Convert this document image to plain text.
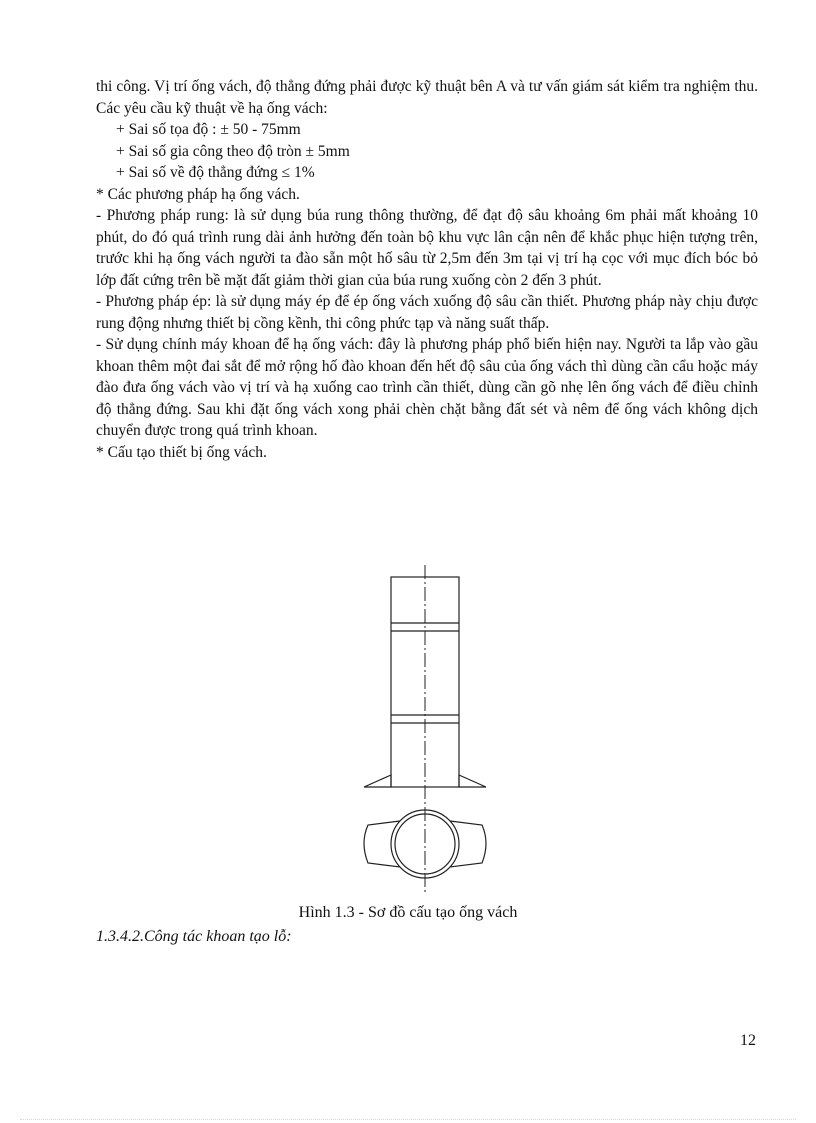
thi công. Vị trí ống vách, độ thẳng đứng phải được kỹ thuật bên A và tư vấn giám sát kiểm tra nghiệm thu. Các yêu cầu kỹ thuật về hạ ống vách:

+ Sai số tọa độ : ± 50 - 75mm

+ Sai số gia công theo độ tròn ± 5mm

+ Sai số về độ thẳng đứng ≤ 1%

* Các phương pháp hạ ống vách.

- Phương pháp rung: là sử dụng búa rung thông thường, để đạt độ sâu khoảng 6m phải mất khoảng 10 phút, do đó quá trình rung dài ảnh hưởng đến toàn bộ khu vực lân cận nên để khắc phục hiện tượng trên, trước khi hạ ống vách người ta đào sẵn một hố sâu từ 2,5m đến 3m tại vị trí hạ cọc với mục đích bóc bỏ lớp đất cứng trên bề mặt đất giảm thời gian của búa rung xuống còn 2 đến 3 phút.

- Phương pháp ép: là sử dụng máy ép để ép ống vách xuống độ sâu cần thiết. Phương pháp này chịu được rung động nhưng thiết bị cồng kềnh, thi công phức tạp và năng suất thấp.

- Sử dụng chính máy khoan để hạ ống vách: đây là phương pháp phổ biến hiện nay. Người ta lắp vào gầu khoan thêm một đai sắt để mở rộng hố đào khoan đến hết độ sâu của ống vách thì dùng cần cẩu hoặc máy đào đưa ống vách vào vị trí và hạ xuống cao trình cần thiết, dùng cần gõ nhẹ lên ống vách để điều chỉnh độ thẳng đứng. Sau khi đặt ống vách xong phải chèn chặt bằng đất sét và nêm để ống vách không dịch chuyển được trong quá trình khoan.

* Cấu tạo thiết bị ống vách.

Hình 1.3 - Sơ đồ cấu tạo ống vách
1.3.4.2.Công tác khoan tạo lỗ:
12
